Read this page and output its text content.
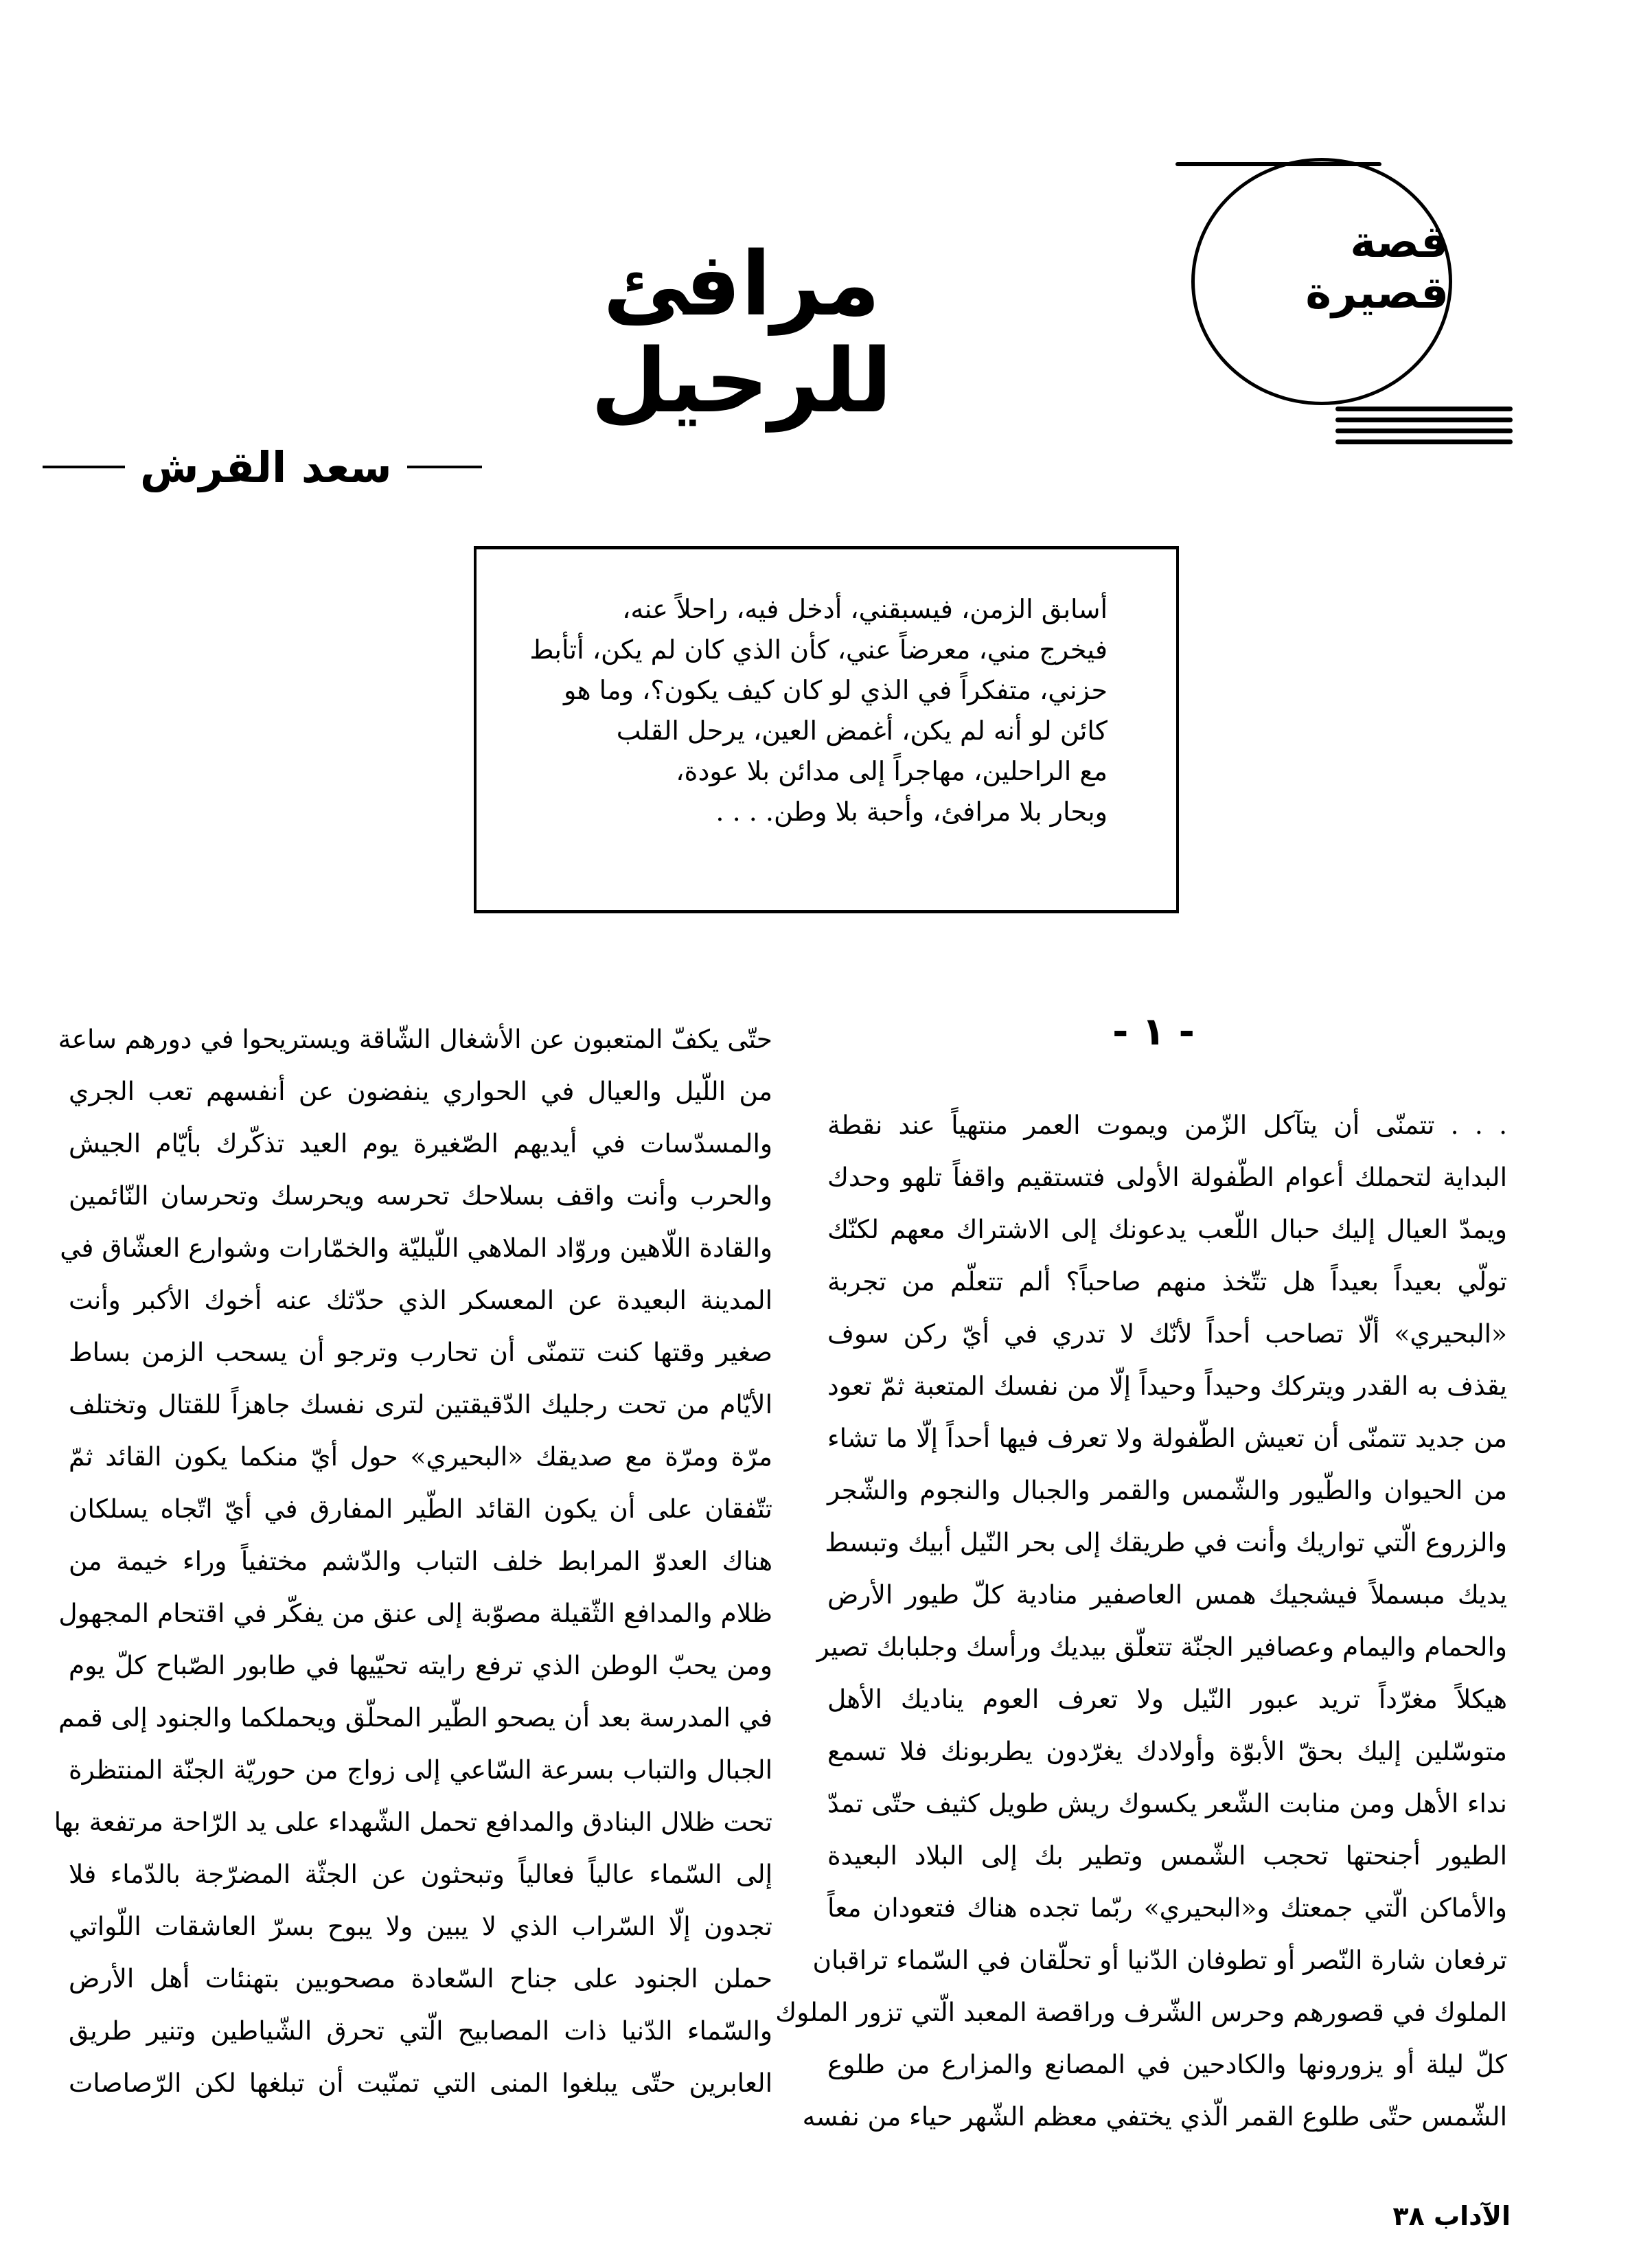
قصة قصيرة
مرافئ للرحيل
سعد القرش
أسابق الزمن، فيسبقني، أدخل فيه، راحلاً عنه،
فيخرج مني، معرضاً عني، كأن الذي كان لم يكن، أتأبط
حزني، متفكراً في الذي لو كان كيف يكون؟، وما هو
كائن لو أنه لم يكن، أغمض العين، يرحل القلب
مع الراحلين، مهاجراً إلى مدائن بلا عودة،
وبحار بلا مرافئ، وأحبة بلا وطن. . . .
- ١ -
. . . تتمنّى أن يتآكل الزّمن ويموت العمر منتهياً عند نقطة
البداية لتحملك أعوام الطّفولة الأولى فتستقيم واقفاً تلهو وحدك
ويمدّ العيال إليك حبال اللّعب يدعونك إلى الاشتراك معهم لكنّك
تولّي بعيداً بعيداً هل تتّخذ منهم صاحباً؟ ألم تتعلّم من تجربة
«البحيري» ألّا تصاحب أحداً لأنّك لا تدري في أيّ ركن سوف
يقذف به القدر ويتركك وحيداً وحيداً إلّا من نفسك المتعبة ثمّ تعود
من جديد تتمنّى أن تعيش الطّفولة ولا تعرف فيها أحداً إلّا ما تشاء
من الحيوان والطّيور والشّمس والقمر والجبال والنجوم والشّجر
والزروع الّتي تواريك وأنت في طريقك إلى بحر النّيل أبيك وتبسط
يديك مبسملاً فيشجيك همس العاصفير منادية كلّ طيور الأرض
والحمام واليمام وعصافير الجنّة تتعلّق بيديك ورأسك وجلبابك تصير
هيكلاً مغرّداً تريد عبور النّيل ولا تعرف العوم يناديك الأهل
متوسّلين إليك بحقّ الأبوّة وأولادك يغرّدون يطربونك فلا تسمع
نداء الأهل ومن منابت الشّعر يكسوك ريش طويل كثيف حتّى تمدّ
الطيور أجنحتها تحجب الشّمس وتطير بك إلى البلاد البعيدة
والأماكن الّتي جمعتك و«البحيري» ربّما تجده هناك فتعودان معاً
ترفعان شارة النّصر أو تطوفان الدّنيا أو تحلّقان في السّماء تراقبان
الملوك في قصورهم وحرس الشّرف وراقصة المعبد الّتي تزور الملوك
كلّ ليلة أو يزورونها والكادحين في المصانع والمزارع من طلوع
الشّمس حتّى طلوع القمر الّذي يختفي معظم الشّهر حياء من نفسه
حتّى يكفّ المتعبون عن الأشغال الشّاقة ويستريحوا في دورهم ساعة
من اللّيل والعيال في الحواري ينفضون عن أنفسهم تعب الجري
والمسدّسات في أيديهم الصّغيرة يوم العيد تذكّرك بأيّام الجيش
والحرب وأنت واقف بسلاحك تحرسه ويحرسك وتحرسان النّائمين
والقادة اللّاهين وروّاد الملاهي اللّيليّة والخمّارات وشوارع العشّاق في
المدينة البعيدة عن المعسكر الذي حدّثك عنه أخوك الأكبر وأنت
صغير وقتها كنت تتمنّى أن تحارب وترجو أن يسحب الزمن بساط
الأيّام من تحت رجليك الدّقيقتين لترى نفسك جاهزاً للقتال وتختلف
مرّة ومرّة مع صديقك «البحيري» حول أيّ منكما يكون القائد ثمّ
تتّفقان على أن يكون القائد الطّير المفارق في أيّ اتّجاه يسلكان
هناك العدوّ المرابط خلف التباب والدّشم مختفياً وراء خيمة من
ظلام والمدافع الثّقيلة مصوّبة إلى عنق من يفكّر في اقتحام المجهول
ومن يحبّ الوطن الذي ترفع رايته تحيّيها في طابور الصّباح كلّ يوم
في المدرسة بعد أن يصحو الطّير المحلّق ويحملكما والجنود إلى قمم
الجبال والتباب بسرعة السّاعي إلى زواج من حوريّة الجنّة المنتظرة
تحت ظلال البنادق والمدافع تحمل الشّهداء على يد الرّاحة مرتفعة بها
إلى السّماء عالياً فعالياً وتبحثون عن الجثّة المضرّجة بالدّماء فلا
تجدون إلّا السّراب الذي لا يبين ولا يبوح بسرّ العاشقات اللّواتي
حملن الجنود على جناح السّعادة مصحوبين بتهنئات أهل الأرض
والسّماء الدّنيا ذات المصابيح الّتي تحرق الشّياطين وتنير طريق
العابرين حتّى يبلغوا المنى التي تمنّيت أن تبلغها لكن الرّصاصات
الآداب ٣٨
